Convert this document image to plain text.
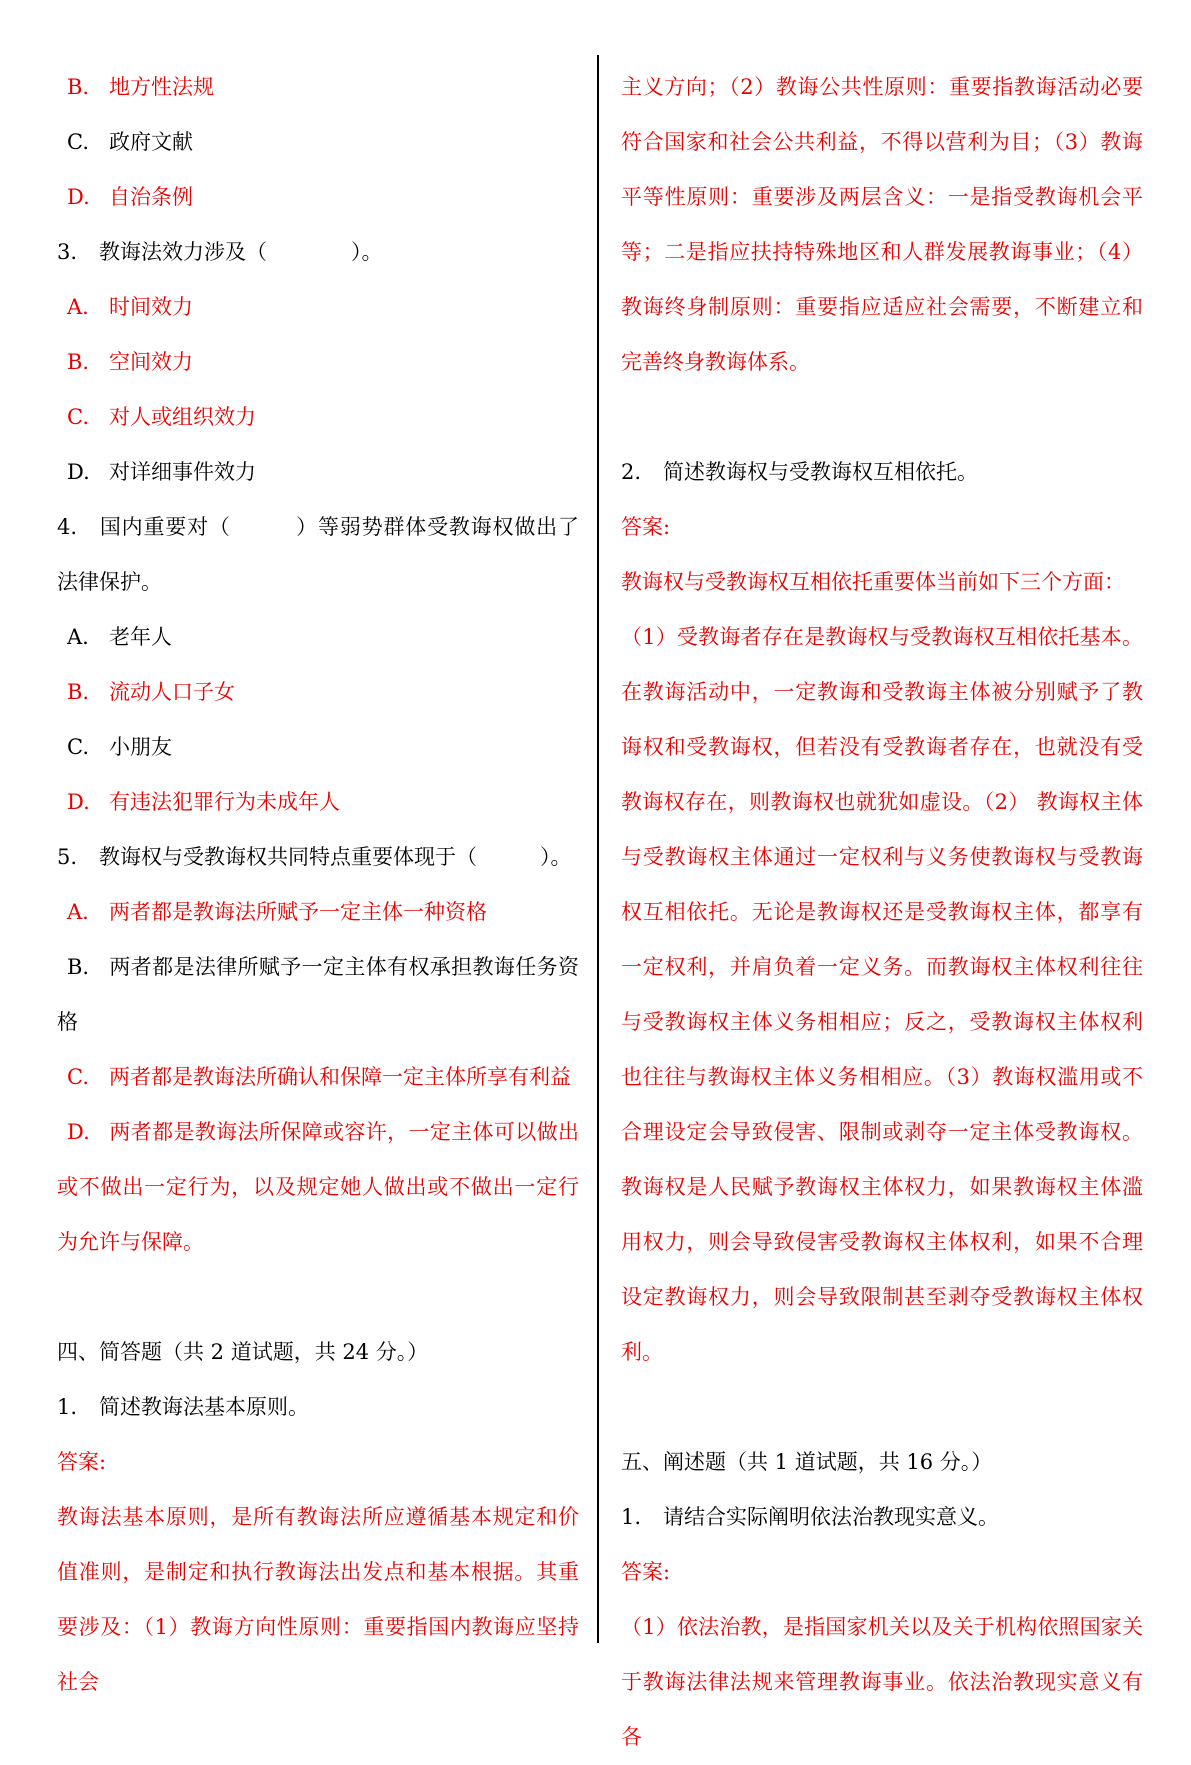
B. 地方性法规

C. 政府文献

D. 自治条例

3. 教诲法效力涉及（　　　　）。

A. 时间效力

B. 空间效力

C. 对人或组织效力

D. 对详细事件效力

4. 国内重要对（　　　）等弱势群体受教诲权做出了法律保护。

A. 老年人

B. 流动人口子女

C. 小朋友

D. 有违法犯罪行为未成年人

5. 教诲权与受教诲权共同特点重要体现于（　　　）。

A. 两者都是教诲法所赋予一定主体一种资格

B. 两者都是法律所赋予一定主体有权承担教诲任务资格

C. 两者都是教诲法所确认和保障一定主体所享有利益

D. 两者都是教诲法所保障或容许，一定主体可以做出或不做出一定行为，以及规定她人做出或不做出一定行为允许与保障。

四、简答题（共 2 道试题，共 24 分。）

1. 简述教诲法基本原则。

答案:

教诲法基本原则，是所有教诲法所应遵循基本规定和价值准则，是制定和执行教诲法出发点和基本根据。其重要涉及：（1）教诲方向性原则：重要指国内教诲应坚持社会

主义方向；（2）教诲公共性原则：重要指教诲活动必要符合国家和社会公共利益，不得以营利为目；（3）教诲平等性原则：重要涉及两层含义：一是指受教诲机会平等；二是指应扶持特殊地区和人群发展教诲事业；（4）教诲终身制原则：重要指应适应社会需要，不断建立和完善终身教诲体系。

2. 简述教诲权与受教诲权互相依托。

答案:

教诲权与受教诲权互相依托重要体当前如下三个方面：

（1）受教诲者存在是教诲权与受教诲权互相依托基本。在教诲活动中，一定教诲和受教诲主体被分别赋予了教诲权和受教诲权，但若没有受教诲者存在，也就没有受教诲权存在，则教诲权也就犹如虚设。（2） 教诲权主体与受教诲权主体通过一定权利与义务使教诲权与受教诲权互相依托。无论是教诲权还是受教诲权主体，都享有一定权利，并肩负着一定义务。而教诲权主体权利往往与受教诲权主体义务相相应；反之，受教诲权主体权利也往往与教诲权主体义务相相应。（3）教诲权滥用或不合理设定会导致侵害、限制或剥夺一定主体受教诲权。教诲权是人民赋予教诲权主体权力，如果教诲权主体滥用权力，则会导致侵害受教诲权主体权利，如果不合理设定教诲权力，则会导致限制甚至剥夺受教诲权主体权利。

五、阐述题（共 1 道试题，共 16 分。）

1. 请结合实际阐明依法治教现实意义。

答案:

（1）依法治教，是指国家机关以及关于机构依照国家关于教诲法律法规来管理教诲事业。依法治教现实意义有各
